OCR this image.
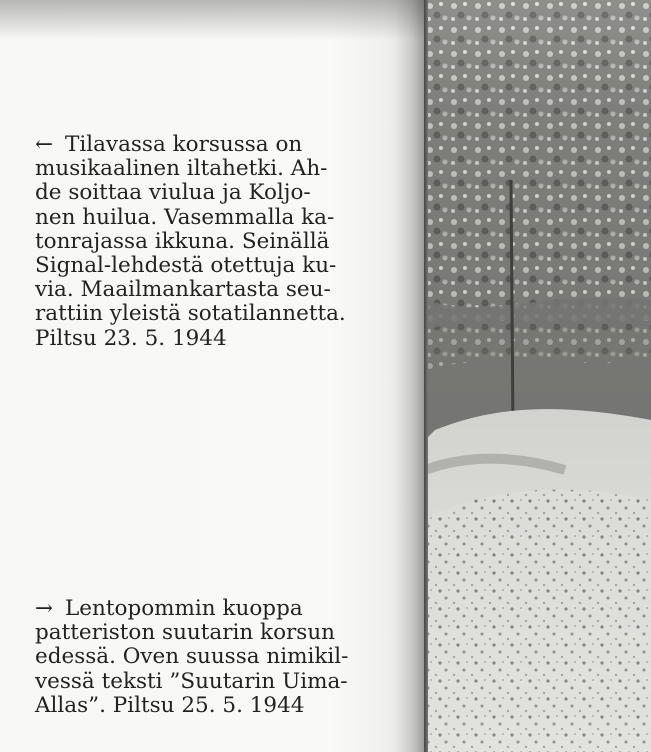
← Tilavassa korsussa on
musikaalinen iltahetki. Ah-
de soittaa viulua ja Koljo-
nen huilua. Vasemmalla ka-
tonrajassa ikkuna. Seinällä
Signal-lehdestä otettuja ku-
via. Maailmankartasta seu-
rattiin yleistä sotatilannetta.
Piltsu 23. 5. 1944

→ Lentopommin kuoppa
patteriston suutarin korsun
edessä. Oven suussa nimikil-
vessä teksti ”Suutarin Uima-
Allas”. Piltsu 25. 5. 1944
